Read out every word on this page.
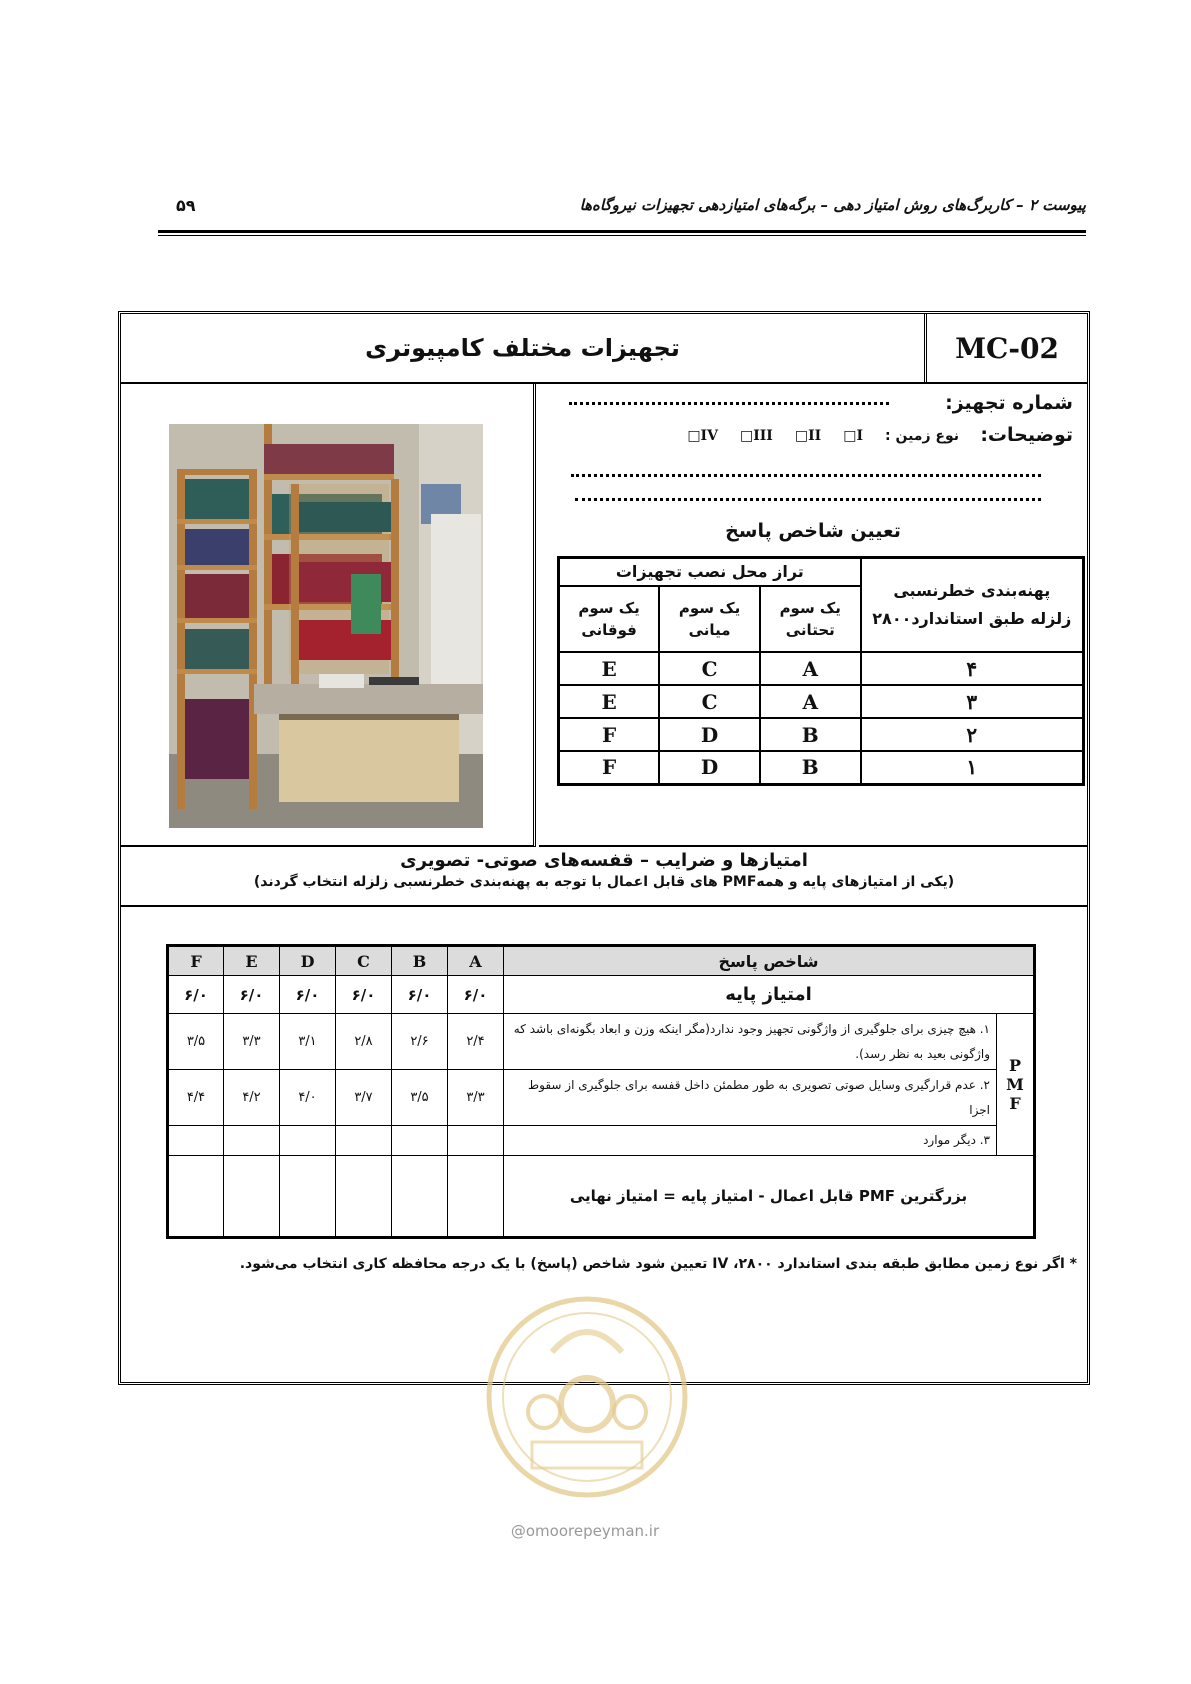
پیوست ۲ – کاربرگ‌های روش امتیاز دهی – برگه‌های امتیازدهی تجهیزات نیروگاه‌ها
۵۹
تجهیزات مختلف کامپیوتری	MC-02
شماره تجهیز:
توضیحات:
نوع زمین :
I□
II□
III□
IV□
تعیین شاخص پاسخ
تراز محل نصب تجهیزات			پهنه‌بندی خطرنسبی زلزله طبق استاندارد۲۸۰۰
یک سوم فوقانی	یک سوم میانی	یک سوم تحتانی	
E	C	A	۴
E	C	A	۳
F	D	B	۲
F	D	B	۱
امتیازها و ضرایب – قفسه‌های صوتی- تصویری
(یکی از امتیازهای پایه و همهPMF های قابل اعمال با توجه به پهنه‌بندی خطرنسبی زلزله انتخاب گردند)
F	E	D	C	B	A	شاخص پاسخ	
۶/۰	۶/۰	۶/۰	۶/۰	۶/۰	۶/۰	امتیاز پایه	
۳/۵	۳/۳	۳/۱	۲/۸	۲/۶	۲/۴	۱. هیچ چیزی برای جلوگیری از واژگونی تجهیز وجود ندارد(مگر اینکه وزن و ابعاد بگونه‌ای باشد که واژگونی بعید به نظر رسد).	P
M
F

۴/۴	۴/۲	۴/۰	۳/۷	۳/۵	۳/۳	۲. عدم قرارگیری وسایل صوتی تصویری به طور مطمئن داخل قفسه برای جلوگیری از سقوط اجزا	
						۳. دیگر موارد	
						بزرگترین PMF قابل اعمال - امتیاز پایه = امتیاز نهایی	
* اگر نوع زمین مطابق طبقه بندی استاندارد ۲۸۰۰، IV تعیین شود شاخص (پاسخ) با یک درجه محافظه کاری انتخاب می‌شود.
@omoorepeyman.ir
